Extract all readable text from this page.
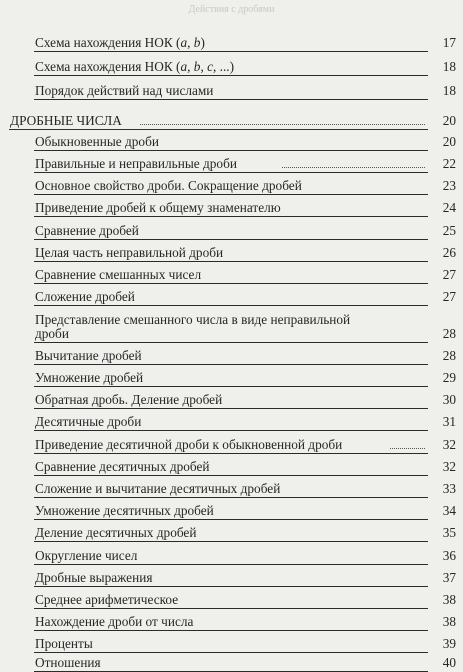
Действия с дробями
Схема нахождения НОК (a, b)	17
Схема нахождения НОК (a, b, c, ...)	18
Порядок действий над числами	18
ДРОБНЫЕ ЧИСЛА	20
Обыкновенные дроби	20
Правильные и неправильные дроби	22
Основное свойство дроби. Сокращение дробей	23
Приведение дробей к общему знаменателю	24
Сравнение дробей	25
Целая часть неправильной дроби	26
Сравнение смешанных чисел	27
Сложение дробей	27
Представление смешанного числа в виде неправильной дроби	28
Вычитание дробей	28
Умножение дробей	29
Обратная дробь. Деление дробей	30
Десятичные дроби	31
Приведение десятичной дроби к обыкновенной дроби	32
Сравнение десятичных дробей	32
Сложение и вычитание десятичных дробей	33
Умножение десятичных дробей	34
Деление десятичных дробей	35
Округление чисел	36
Дробные выражения	37
Среднее арифметическое	38
Нахождение дроби от числа	38
Проценты	39
Отношения	40
